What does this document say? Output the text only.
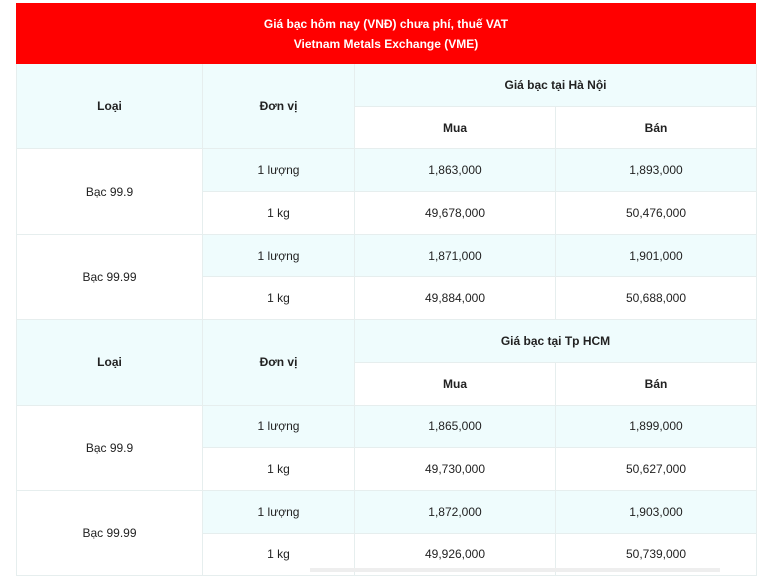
Giá bạc hôm nay (VNĐ) chưa phí, thuế VAT
Vietnam Metals Exchange (VME)
Loại	Đơn vị	Giá bạc tại Hà Nội	
		Mua	Bán
Bạc 99.9	1 lượng	1,863,000	1,893,000
	1 kg	49,678,000	50,476,000
Bạc 99.99	1 lượng	1,871,000	1,901,000
	1 kg	49,884,000	50,688,000
Loại	Đơn vị	Giá bạc tại Tp HCM	
		Mua	Bán
Bạc 99.9	1 lượng	1,865,000	1,899,000
	1 kg	49,730,000	50,627,000
Bạc 99.99	1 lượng	1,872,000	1,903,000
	1 kg	49,926,000	50,739,000
